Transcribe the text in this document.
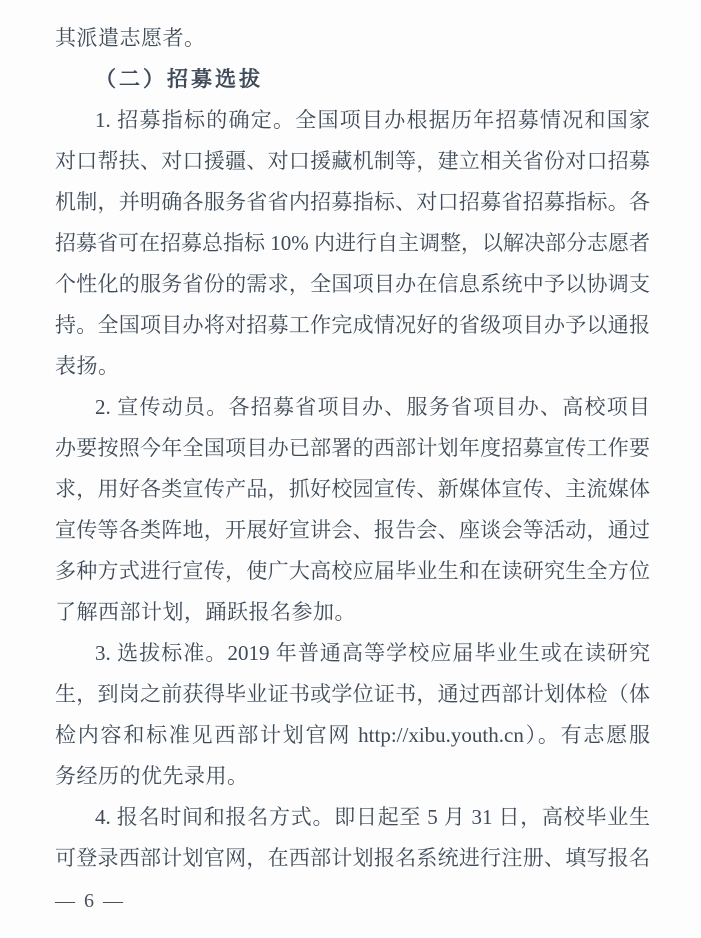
其派遣志愿者。
（二）招募选拔
1. 招募指标的确定。全国项目办根据历年招募情况和国家
对口帮扶、对口援疆、对口援藏机制等，建立相关省份对口招募
机制，并明确各服务省省内招募指标、对口招募省招募指标。各
招募省可在招募总指标 10% 内进行自主调整，以解决部分志愿者
个性化的服务省份的需求，全国项目办在信息系统中予以协调支
持。全国项目办将对招募工作完成情况好的省级项目办予以通报
表扬。
2. 宣传动员。各招募省项目办、服务省项目办、高校项目
办要按照今年全国项目办已部署的西部计划年度招募宣传工作要
求，用好各类宣传产品，抓好校园宣传、新媒体宣传、主流媒体
宣传等各类阵地，开展好宣讲会、报告会、座谈会等活动，通过
多种方式进行宣传，使广大高校应届毕业生和在读研究生全方位
了解西部计划，踊跃报名参加。
3. 选拔标准。2019 年普通高等学校应届毕业生或在读研究
生，到岗之前获得毕业证书或学位证书，通过西部计划体检（体
检内容和标准见西部计划官网 http://xibu.youth.cn）。有志愿服
务经历的优先录用。
4. 报名时间和报名方式。即日起至 5 月 31 日，高校毕业生
可登录西部计划官网，在西部计划报名系统进行注册、填写报名
— 6 —
